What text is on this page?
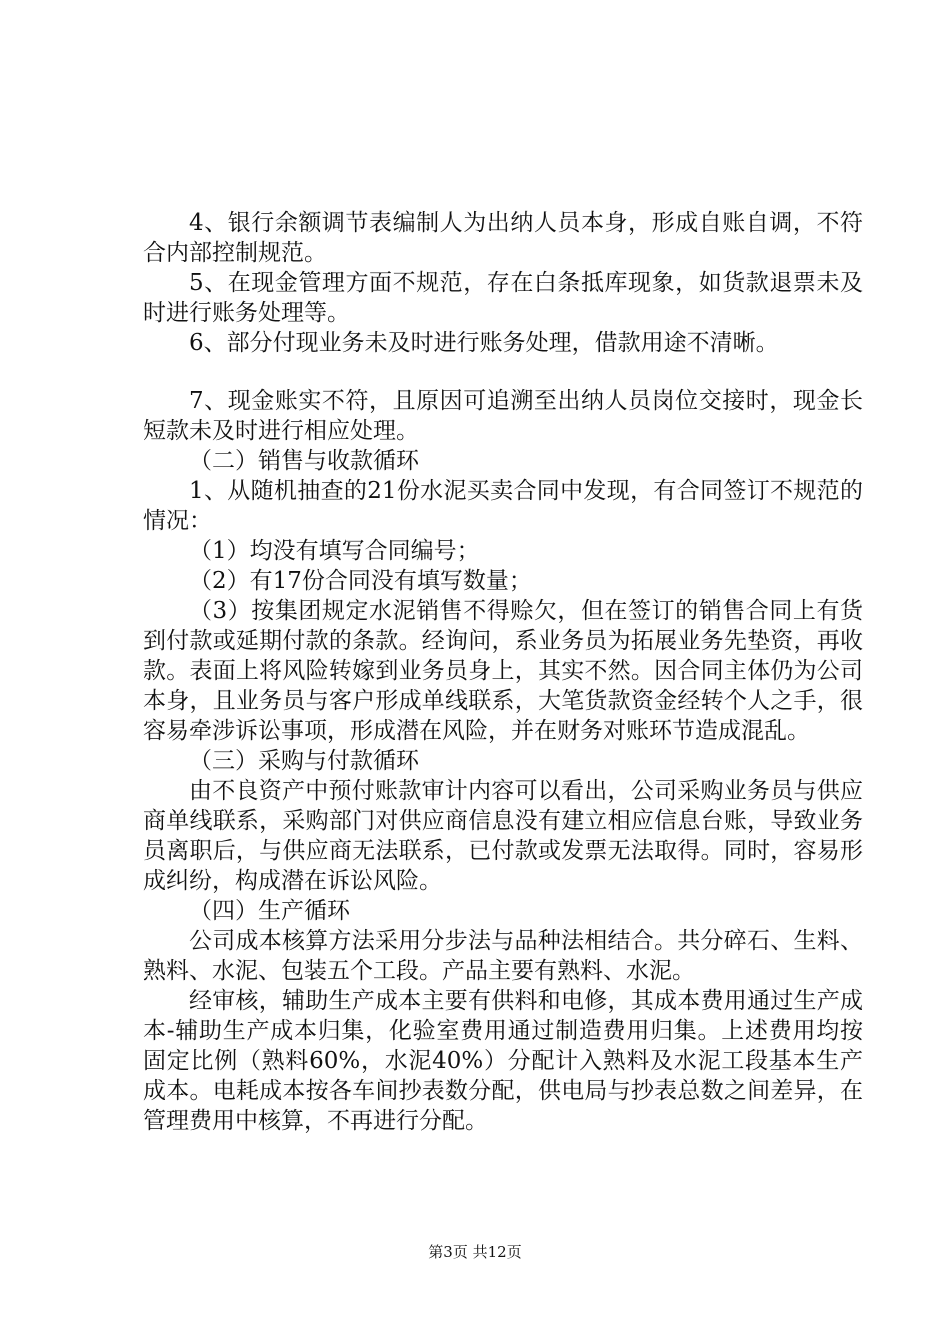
4、银行余额调节表编制人为出纳人员本身，形成自账自调，不符合内部控制规范。

5、在现金管理方面不规范，存在白条抵库现象，如货款退票未及时进行账务处理等。

6、部分付现业务未及时进行账务处理，借款用途不清晰。

7、现金账实不符，且原因可追溯至出纳人员岗位交接时，现金长短款未及时进行相应处理。

（二）销售与收款循环

1、从随机抽查的21份水泥买卖合同中发现，有合同签订不规范的情况：

（1）均没有填写合同编号；

（2）有17份合同没有填写数量；

（3）按集团规定水泥销售不得赊欠，但在签订的销售合同上有货到付款或延期付款的条款。经询问，系业务员为拓展业务先垫资，再收款。表面上将风险转嫁到业务员身上，其实不然。因合同主体仍为公司本身，且业务员与客户形成单线联系，大笔货款资金经转个人之手，很容易牵涉诉讼事项，形成潜在风险，并在财务对账环节造成混乱。

（三）采购与付款循环

由不良资产中预付账款审计内容可以看出，公司采购业务员与供应商单线联系，采购部门对供应商信息没有建立相应信息台账，导致业务员离职后，与供应商无法联系，已付款或发票无法取得。同时，容易形成纠纷，构成潜在诉讼风险。

（四）生产循环

公司成本核算方法采用分步法与品种法相结合。共分碎石、生料、熟料、水泥、包装五个工段。产品主要有熟料、水泥。

经审核，辅助生产成本主要有供料和电修，其成本费用通过生产成本-辅助生产成本归集，化验室费用通过制造费用归集。上述费用均按固定比例（熟料60%，水泥40%）分配计入熟料及水泥工段基本生产成本。电耗成本按各车间抄表数分配，供电局与抄表总数之间差异，在管理费用中核算，不再进行分配。

第3页 共12页
